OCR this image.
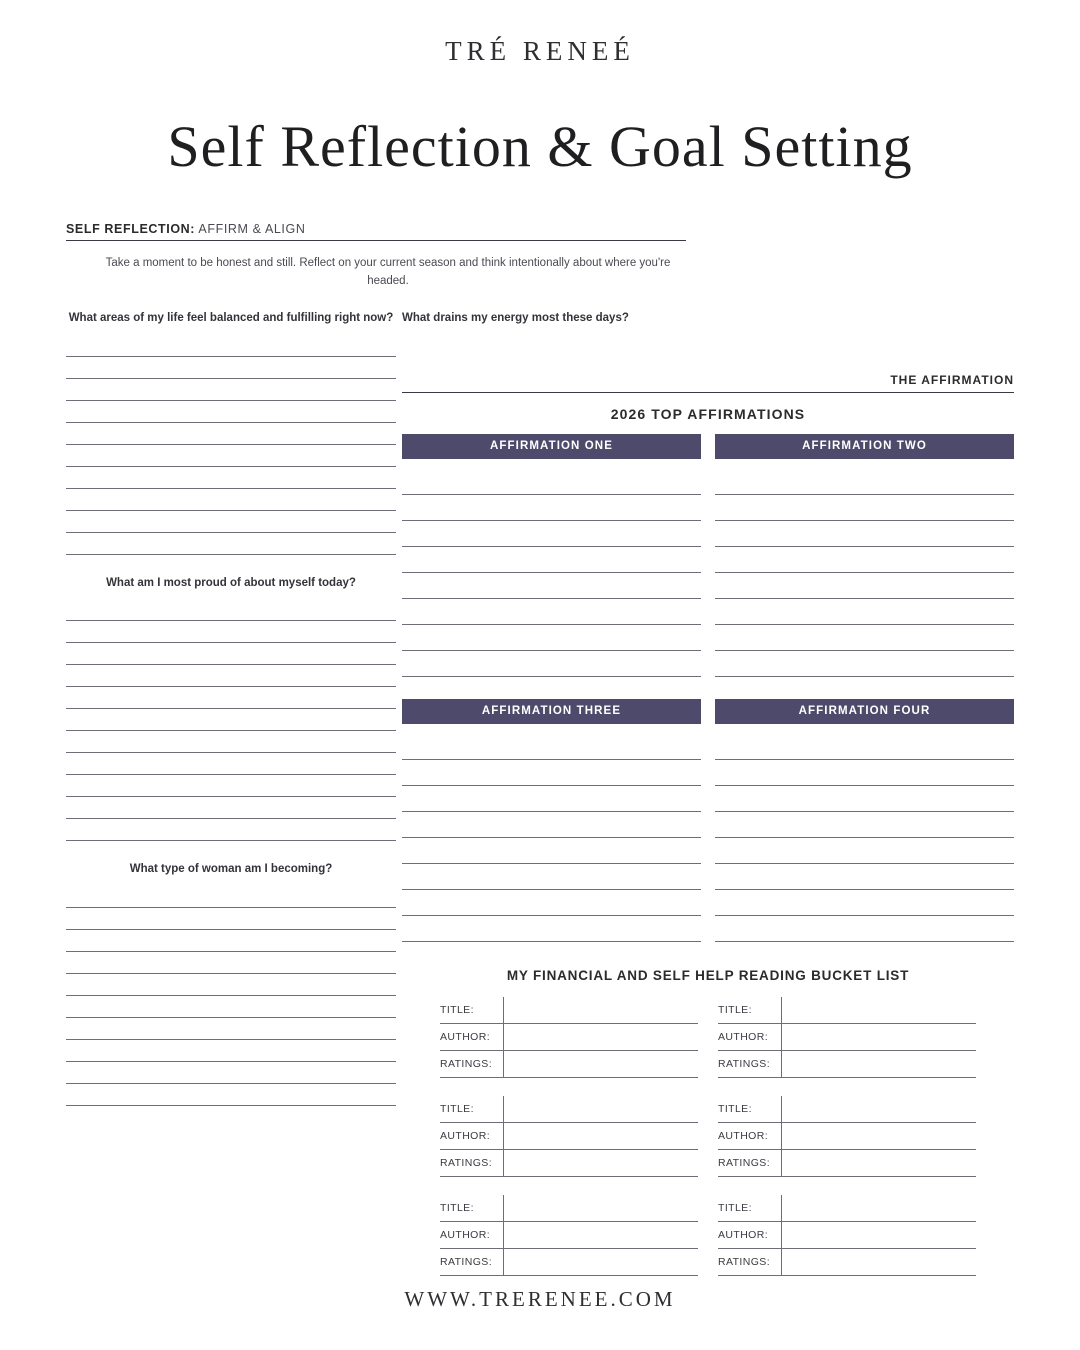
TRÉ RENEÉ
Self Reflection & Goal Setting
What areas of my life feel balanced and fulfilling right now?
What am I most proud of about myself today?
What type of woman am I becoming?
SELF REFLECTION: AFFIRM & ALIGN
Take a moment to be honest and still. Reflect on your current season and think intentionally about where you're headed.
What drains my energy most these days?
THE AFFIRMATION
2026 TOP AFFIRMATIONS
AFFIRMATION ONE	AFFIRMATION TWO
AFFIRMATION THREE	AFFIRMATION FOUR
MY FINANCIAL AND SELF HELP READING BUCKET LIST
TITLE:
AUTHOR:
RATINGS:
TITLE:
AUTHOR:
RATINGS:
TITLE:
AUTHOR:
RATINGS:
TITLE:
AUTHOR:
RATINGS:
TITLE:
AUTHOR:
RATINGS:
TITLE:
AUTHOR:
RATINGS:
WWW.TRERENEE.COM
